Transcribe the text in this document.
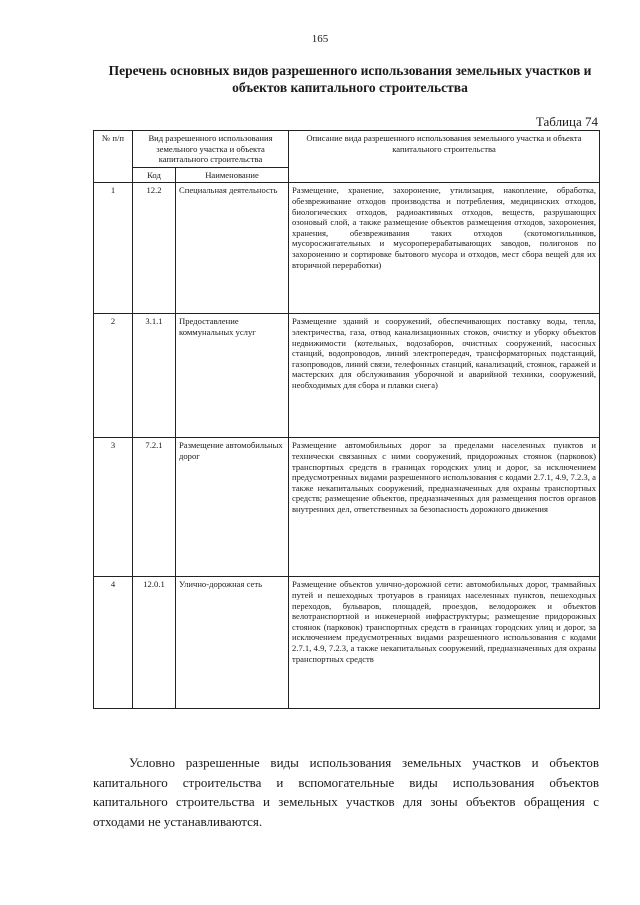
165
Перечень основных видов разрешенного использования земельных участков и объектов капитального строительства
Таблица 74
№ п/п	Вид разрешенного использования земельного участка и объекта капитального строительства		Описание вида разрешенного использования земельного участка и объекта капитального строительства
	Код	Наименование	
1	12.2	Специальная деятельность	Размещение, хранение, захоронение, утилизация, накопление, обработка, обезвреживание отходов производства и потребления, медицинских отходов, биологических отходов, радиоактивных отходов, веществ, разрушающих озоновый слой, а также размещение объектов размещения отходов, захоронения, хранения, обезвреживания таких отходов (скотомогильников, мусоросжигательных и мусороперерабатывающих заводов, полигонов по захоронению и сортировке бытового мусора и отходов, мест сбора вещей для их вторичной переработки)
2	3.1.1	Предоставление коммунальных услуг	Размещение зданий и сооружений, обеспечивающих поставку воды, тепла, электричества, газа, отвод канализационных стоков, очистку и уборку объектов недвижимости (котельных, водозаборов, очистных сооружений, насосных станций, водопроводов, линий электропередач, трансформаторных подстанций, газопроводов, линий связи, телефонных станций, канализаций, стоянок, гаражей и мастерских для обслуживания уборочной и аварийной техники, сооружений, необходимых для сбора и плавки снега)
3	7.2.1	Размещение автомобильных дорог	Размещение автомобильных дорог за пределами населенных пунктов и технически связанных с ними сооружений, придорожных стоянок (парковок) транспортных средств в границах городских улиц и дорог, за исключением предусмотренных видами разрешенного использования с кодами 2.7.1, 4.9, 7.2.3, а также некапитальных сооружений, предназначенных для охраны транспортных средств; размещение объектов, предназначенных для размещения постов органов внутренних дел, ответственных за безопасность дорожного движения
4	12.0.1	Улично-дорожная сеть	Размещение объектов улично-дорожной сети: автомобильных дорог, трамвайных путей и пешеходных тротуаров в границах населенных пунктов, пешеходных переходов, бульваров, площадей, проездов, велодорожек и объектов велотранспортной и инженерной инфраструктуры; размещение придорожных стоянок (парковок) транспортных средств в границах городских улиц и дорог, за исключением предусмотренных видами разрешенного использования с кодами 2.7.1, 4.9, 7.2.3, а также некапитальных сооружений, предназначенных для охраны транспортных средств
Условно разрешенные виды использования земельных участков и объектов капитального строительства и вспомогательные виды использования объектов капитального строительства и земельных участков для зоны объектов обращения с отходами не устанавливаются.
